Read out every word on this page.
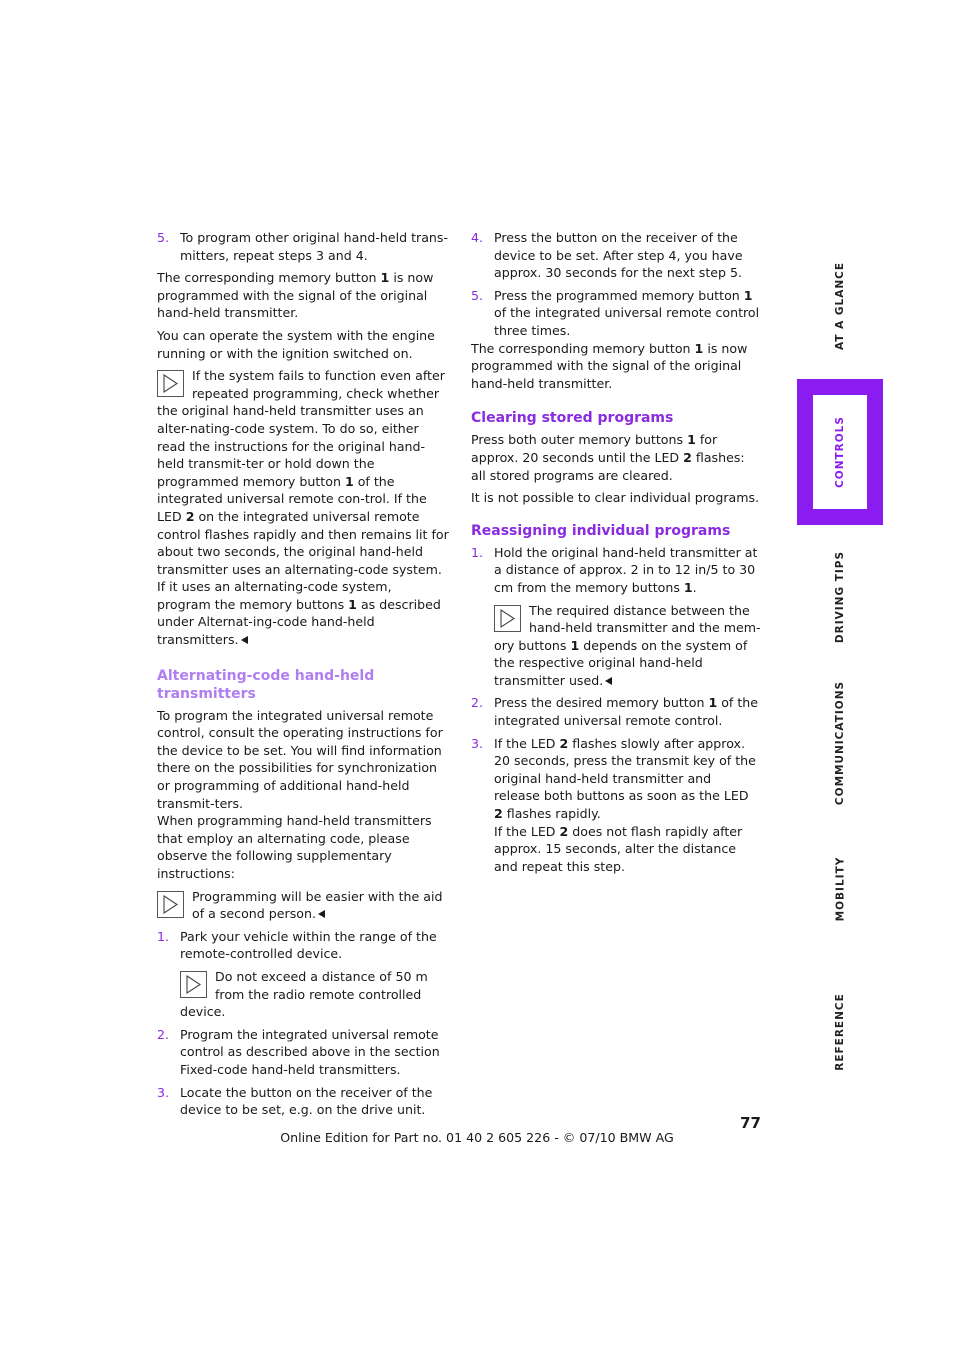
5. To program other original hand-held trans-mitters, repeat steps 3 and 4.

The corresponding memory button 1 is now programmed with the signal of the original hand-held transmitter.

You can operate the system with the engine running or with the ignition switched on.

If the system fails to function even after repeated programming, check whether the original hand-held transmitter uses an alter-nating-code system. To do so, either read the instructions for the original hand-held transmit-ter or hold down the programmed memory button 1 of the integrated universal remote con-trol. If the LED 2 on the integrated universal remote control flashes rapidly and then remains lit for about two seconds, the original hand-held transmitter uses an alternating-code system. If it uses an alternating-code system, program the memory buttons 1 as described under Alternat-ing-code hand-held transmitters.
Alternating-code hand-held transmitters

To program the integrated universal remote control, consult the operating instructions for the device to be set. You will find information there on the possibilities for synchronization or programming of additional hand-held transmit-ters.

When programming hand-held transmitters that employ an alternating code, please observe the following supplementary instructions:

Programming will be easier with the aid of a second person.
1. Park your vehicle within the range of the remote-controlled device.
Do not exceed a distance of 50 m from the radio remote controlled device.
2. Program the integrated universal remote control as described above in the section Fixed-code hand-held transmitters.
3. Locate the button on the receiver of the device to be set, e.g. on the drive unit.
4. Press the button on the receiver of the device to be set. After step 4, you have approx. 30 seconds for the next step 5.
5. Press the programmed memory button 1 of the integrated universal remote control three times.

The corresponding memory button 1 is now programmed with the signal of the original hand-held transmitter.

Clearing stored programs

Press both outer memory buttons 1 for approx. 20 seconds until the LED 2 flashes: all stored programs are cleared.

It is not possible to clear individual programs.

Reassigning individual programs
1. Hold the original hand-held transmitter at a distance of approx. 2 in to 12 in/5 to 30 cm from the memory buttons 1.
The required distance between the hand-held transmitter and the mem-ory buttons 1 depends on the system of the respective original hand-held transmitter used.
2. Press the desired memory button 1 of the integrated universal remote control.
3. If the LED 2 flashes slowly after approx. 20 seconds, press the transmit key of the original hand-held transmitter and release both buttons as soon as the LED 2 flashes rapidly.
If the LED 2 does not flash rapidly after approx. 15 seconds, alter the distance and repeat this step.
AT A GLANCE
CONTROLS
DRIVING TIPS
COMMUNICATIONS
MOBILITY
REFERENCE
77
Online Edition for Part no. 01 40 2 605 226 - © 07/10 BMW AG
